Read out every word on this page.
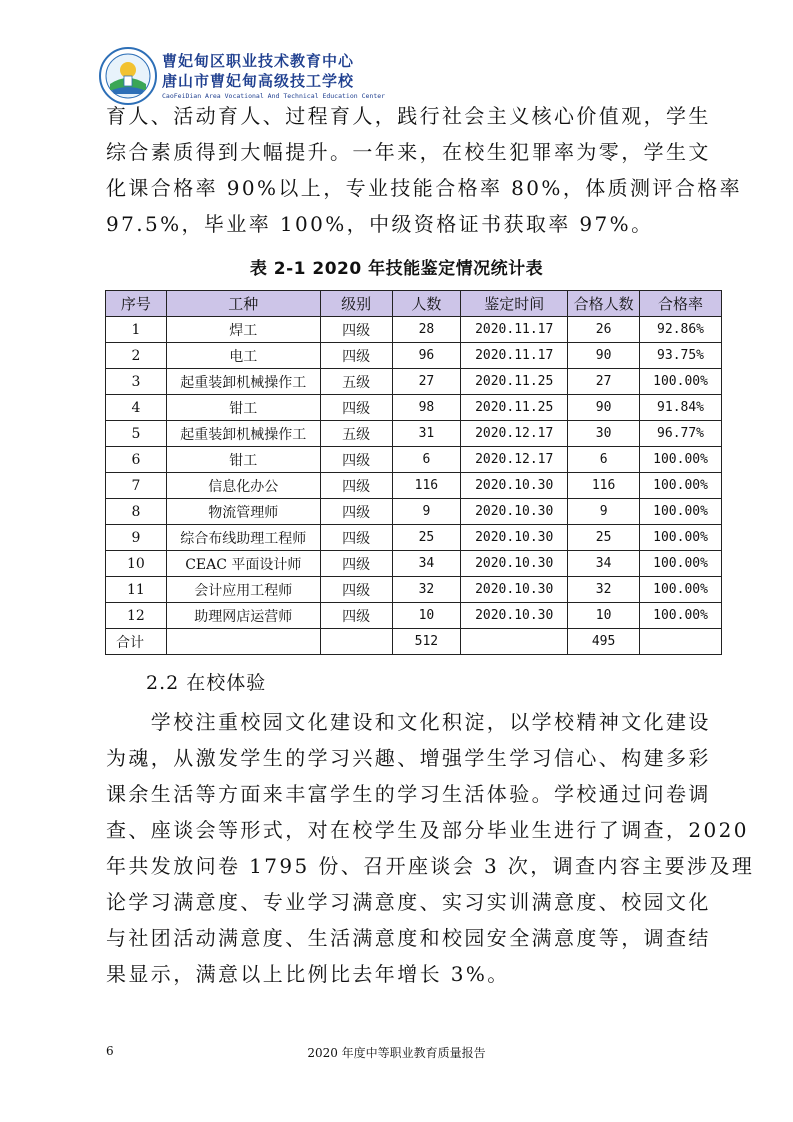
曹妃甸区职业技术教育中心
唐山市曹妃甸高级技工学校
CaoFeiDian Area Vocational And Technical Education Center

育人、活动育人、过程育人，践行社会主义核心价值观，学生

综合素质得到大幅提升。一年来，在校生犯罪率为零，学生文

化课合格率 90%以上，专业技能合格率 80%，体质测评合格率

97.5%，毕业率 100%，中级资格证书获取率 97%。

表 2-1 2020 年技能鉴定情况统计表
序号	工种	级别	人数	鉴定时间	合格人数	合格率
1	焊工	四级	28	2020.11.17	26	92.86%
2	电工	四级	96	2020.11.17	90	93.75%
3	起重装卸机械操作工	五级	27	2020.11.25	27	100.00%
4	钳工	四级	98	2020.11.25	90	91.84%
5	起重装卸机械操作工	五级	31	2020.12.17	30	96.77%
6	钳工	四级	6	2020.12.17	6	100.00%
7	信息化办公	四级	116	2020.10.30	116	100.00%
8	物流管理师	四级	9	2020.10.30	9	100.00%
9	综合布线助理工程师	四级	25	2020.10.30	25	100.00%
10	CEAC 平面设计师	四级	34	2020.10.30	34	100.00%
11	会计应用工程师	四级	32	2020.10.30	32	100.00%
12	助理网店运营师	四级	10	2020.10.30	10	100.00%
合计			512		495	
2.2 在校体验

　　学校注重校园文化建设和文化积淀，以学校精神文化建设

为魂，从激发学生的学习兴趣、增强学生学习信心、构建多彩

课余生活等方面来丰富学生的学习生活体验。学校通过问卷调

查、座谈会等形式，对在校学生及部分毕业生进行了调查，2020

年共发放问卷 1795 份、召开座谈会 3 次，调查内容主要涉及理

论学习满意度、专业学习满意度、实习实训满意度、校园文化

与社团活动满意度、生活满意度和校园安全满意度等，调查结

果显示，满意以上比例比去年增长 3%。

6	2020 年度中等职业教育质量报告
